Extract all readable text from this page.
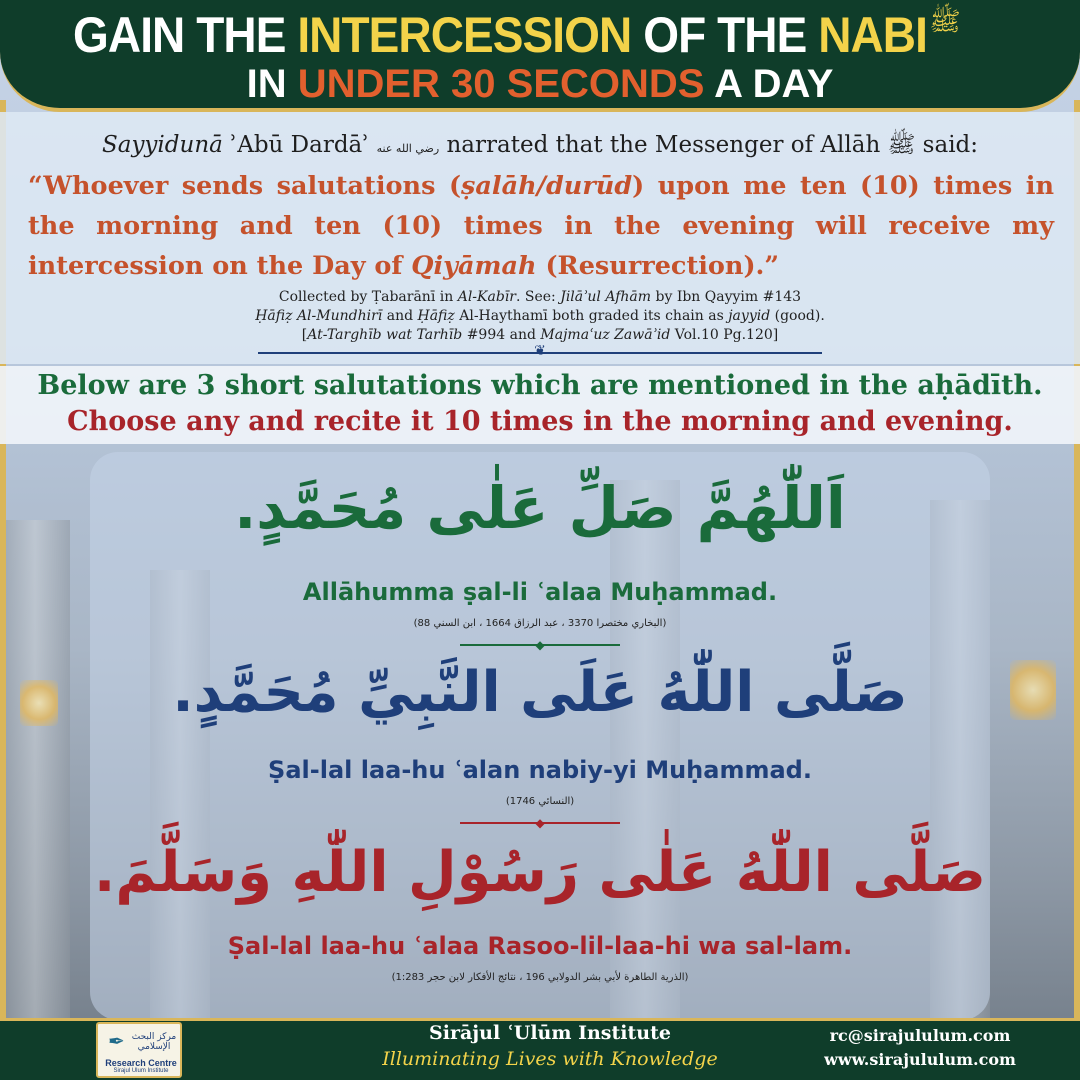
GAIN THE INTERCESSION OF THE NABI ﷺ
IN UNDER 30 SECONDS A DAY
Sayyidunā ʾAbū Dardāʾ رضي الله عنه narrated that the Messenger of Allāh ﷺ said:
“Whoever sends salutations (ṣalāh/durūd) upon me ten (10) times in the morning and ten (10) times in the evening will receive my intercession on the Day of Qiyāmah (Resurrection).”
Collected by Ṭabarānī in Al-Kabīr. See: Jilāʾul Afhām by Ibn Qayyim #143
Ḥāfiẓ Al-Mundhirī and Ḥāfiẓ Al-Haythamī both graded its chain as jayyid (good).
[At-Targhīb wat Tarhīb #994 and Majmaʿuz Zawāʾid Vol.10 Pg.120]
❦
Below are 3 short salutations which are mentioned in the aḥādīth.
Choose any and recite it 10 times in the morning and evening.
اَللّٰهُمَّ صَلِّ عَلٰى مُحَمَّدٍ.
Allāhumma ṣal-li ʿalaa Muḥammad.
(البخاري مختصرا 3370 ، عبد الرزاق 1664 ، ابن السني 88)
◆
صَلَّى اللّٰهُ عَلَى النَّبِيِّ مُحَمَّدٍ.
Ṣal-lal laa-hu ʿalan nabiy-yi Muḥammad.
(النسائي 1746)
◆
صَلَّى اللّٰهُ عَلٰى رَسُوْلِ اللّٰهِ وَسَلَّمَ.
Ṣal-lal laa-hu ʿalaa Rasoo-lil-laa-hi wa sal-lam.
(الذرية الطاهرة لأبي بشر الدولابي 196 ، نتائج الأفكار لابن حجر 1:283)
✒ مركز البحث الإسلامي
Research Centre
Sirajul Ulum Institute
Sirājul ʿUlūm Institute
Illuminating Lives with Knowledge
rc@sirajululum.com
www.sirajululum.com
